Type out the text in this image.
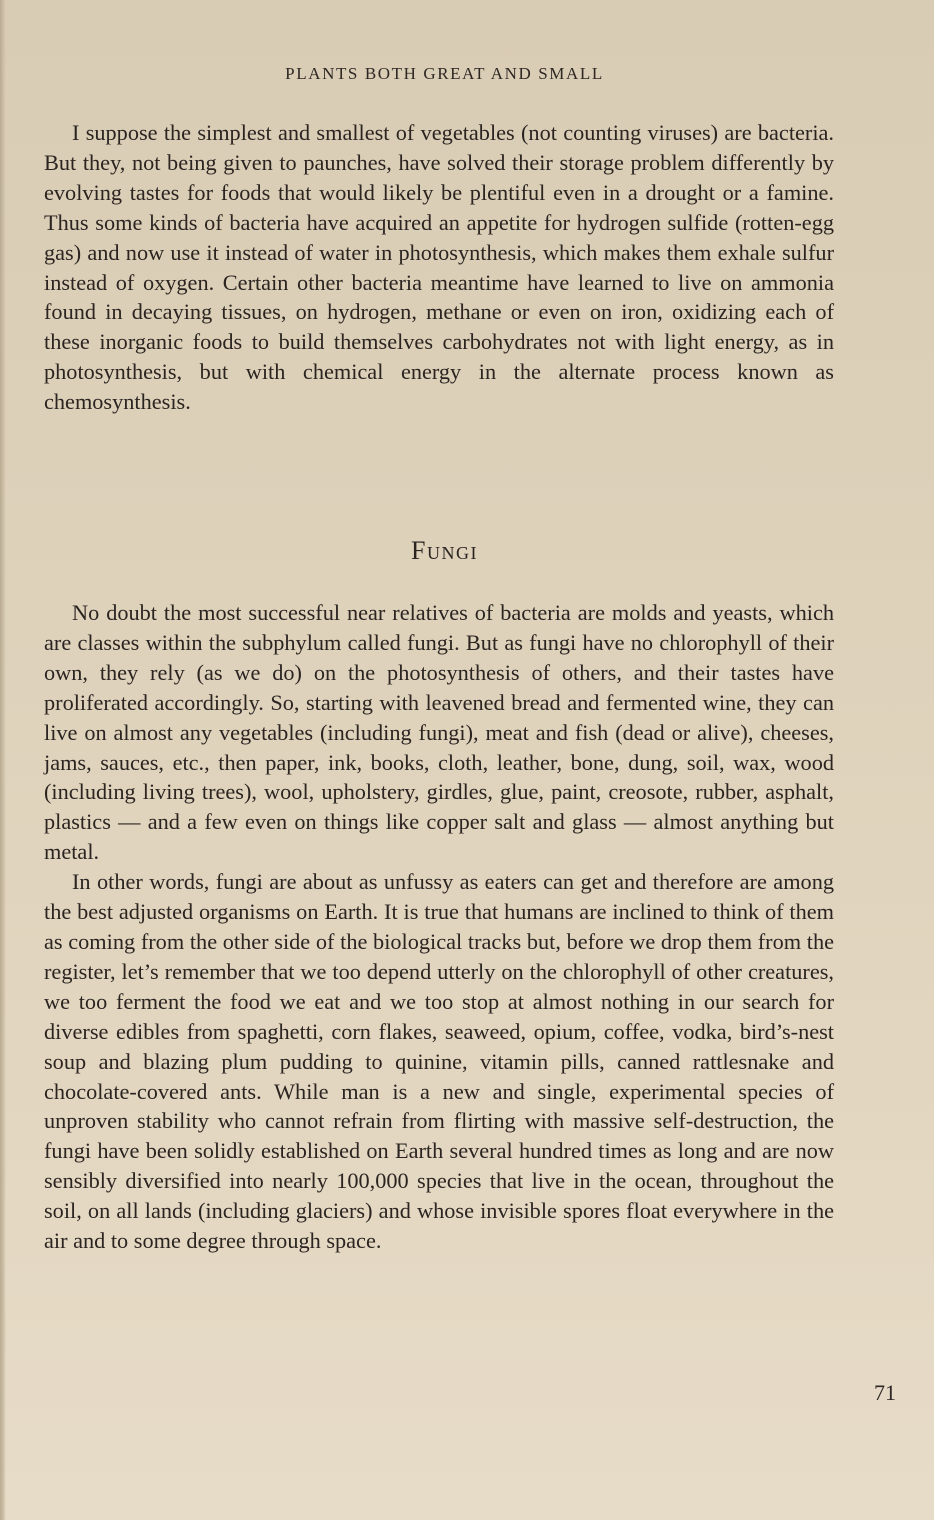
PLANTS BOTH GREAT AND SMALL

I suppose the simplest and smallest of vegetables (not counting viruses) are bacteria. But they, not being given to paunches, have solved their storage problem differently by evolving tastes for foods that would likely be plentiful even in a drought or a famine. Thus some kinds of bacteria have acquired an appetite for hydrogen sulfide (rotten-egg gas) and now use it instead of water in photosynthesis, which makes them exhale sulfur instead of oxygen. Certain other bacteria meantime have learned to live on ammonia found in decaying tissues, on hydrogen, methane or even on iron, oxidizing each of these inorganic foods to build themselves carbohydrates not with light energy, as in photosynthesis, but with chemical energy in the alternate process known as chemosynthesis.

Fungi

No doubt the most successful near relatives of bacteria are molds and yeasts, which are classes within the subphylum called fungi. But as fungi have no chlorophyll of their own, they rely (as we do) on the photosynthesis of others, and their tastes have proliferated accordingly. So, starting with leavened bread and fermented wine, they can live on almost any vegetables (including fungi), meat and fish (dead or alive), cheeses, jams, sauces, etc., then paper, ink, books, cloth, leather, bone, dung, soil, wax, wood (including living trees), wool, upholstery, girdles, glue, paint, creosote, rubber, asphalt, plastics — and a few even on things like copper salt and glass — almost anything but metal.

In other words, fungi are about as unfussy as eaters can get and therefore are among the best adjusted organisms on Earth. It is true that humans are inclined to think of them as coming from the other side of the biological tracks but, before we drop them from the register, let’s remember that we too depend utterly on the chlorophyll of other creatures, we too ferment the food we eat and we too stop at almost nothing in our search for diverse edibles from spaghetti, corn flakes, seaweed, opium, coffee, vodka, bird’s-nest soup and blazing plum pudding to quinine, vitamin pills, canned rattlesnake and chocolate-covered ants. While man is a new and single, experimental species of unproven stability who cannot refrain from flirting with massive self-destruction, the fungi have been solidly established on Earth several hundred times as long and are now sensibly diversified into nearly 100,000 species that live in the ocean, throughout the soil, on all lands (including glaciers) and whose invisible spores float everywhere in the air and to some degree through space.

71
